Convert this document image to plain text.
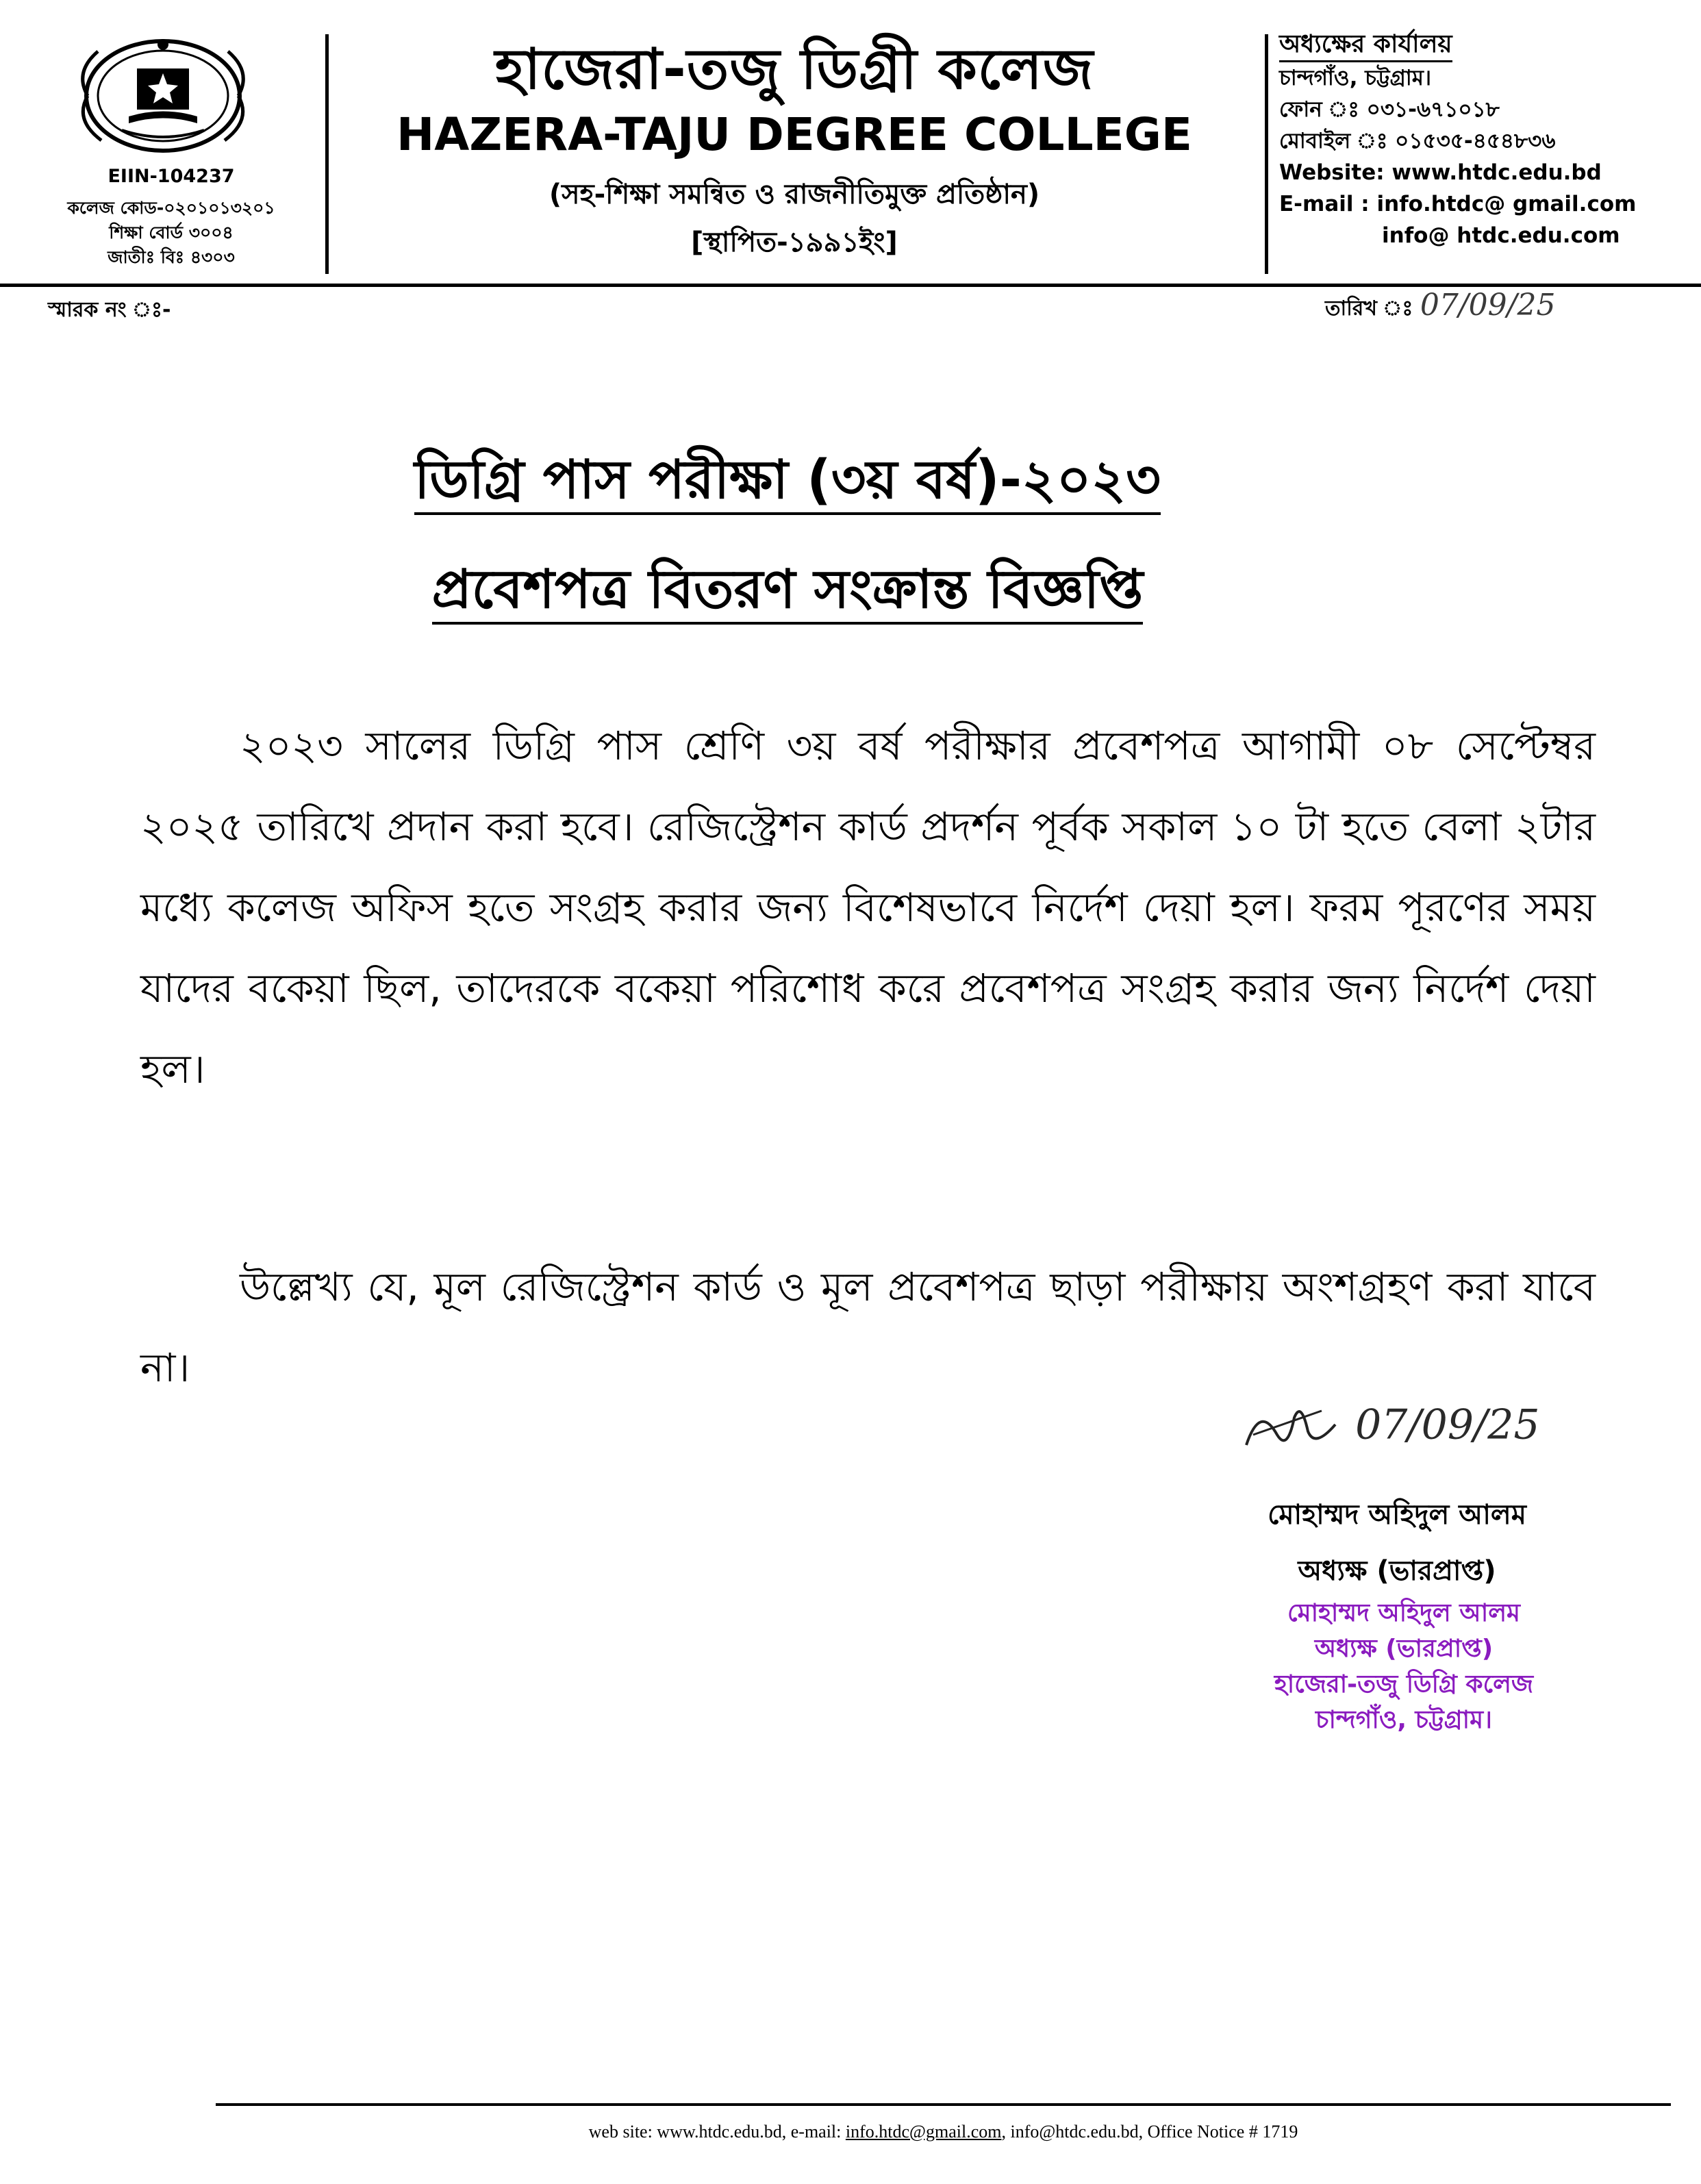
EIIN-104237
কলেজ কোড-০২০১০১৩২০১
শিক্ষা বোর্ড ৩০০৪
জাতীঃ বিঃ ৪৩০৩
হাজেরা-তজু ডিগ্রী কলেজ
HAZERA-TAJU DEGREE COLLEGE
(সহ-শিক্ষা সমন্বিত ও রাজনীতিমুক্ত প্রতিষ্ঠান)
[স্থাপিত-১৯৯১ইং]
অধ্যক্ষের কার্যালয়
চান্দগাঁও, চট্টগ্রাম।
ফোন ঃ ০৩১-৬৭১০১৮
মোবাইল ঃ ০১৫৩৫-৪৫৪৮৩৬
Website: www.htdc.edu.bd
E-mail : info.htdc@ gmail.com
info@ htdc.edu.com
স্মারক নং ঃ-	তারিখ ঃ 07/09/25
ডিগ্রি পাস পরীক্ষা (৩য় বর্ষ)-২০২৩
প্রবেশপত্র বিতরণ সংক্রান্ত বিজ্ঞপ্তি
২০২৩ সালের ডিগ্রি পাস শ্রেণি ৩য় বর্ষ পরীক্ষার প্রবেশপত্র আগামী ০৮ সেপ্টেম্বর ২০২৫ তারিখে প্রদান করা হবে। রেজিস্ট্রেশন কার্ড প্রদর্শন পূর্বক সকাল ১০ টা হতে বেলা ২টার মধ্যে কলেজ অফিস হতে সংগ্রহ করার জন্য বিশেষভাবে নির্দেশ দেয়া হল। ফরম পূরণের সময় যাদের বকেয়া ছিল, তাদেরকে বকেয়া পরিশোধ করে প্রবেশপত্র সংগ্রহ করার জন্য নির্দেশ দেয়া হল।
উল্লেখ্য যে, মূল রেজিস্ট্রেশন কার্ড ও মূল প্রবেশপত্র ছাড়া পরীক্ষায় অংশগ্রহণ করা যাবে না।
07/09/25
মোহাম্মদ অহিদুল আলম
অধ্যক্ষ (ভারপ্রাপ্ত)
মোহাম্মদ অহিদুল আলম
অধ্যক্ষ (ভারপ্রাপ্ত)
হাজেরা-তজু ডিগ্রি কলেজ
চান্দগাঁও, চট্টগ্রাম।
web site: www.htdc.edu.bd, e-mail: info.htdc@gmail.com, info@htdc.edu.bd, Office Notice # 1719
